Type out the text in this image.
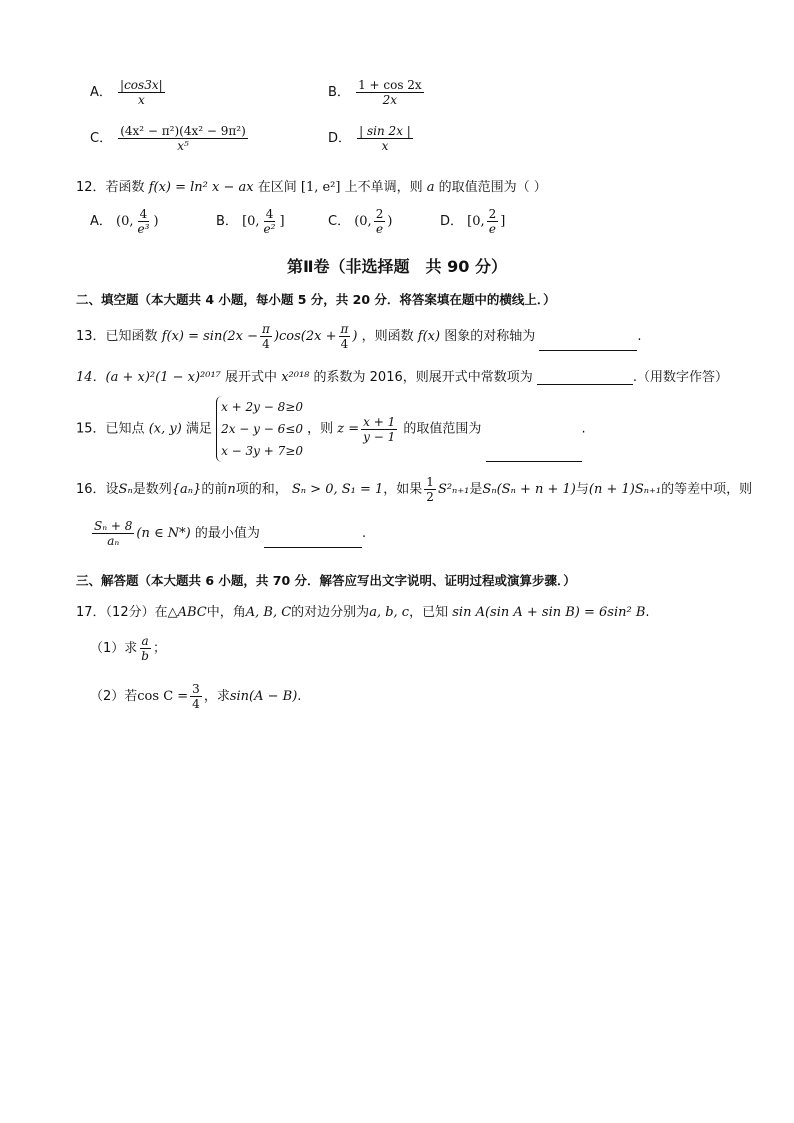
A． $\frac{|\cos 3x|}{x}$	B． $\frac{1 + \cos 2x}{2x}$
C． $\frac{\text{(4x² − π²)(4x² − 9π²)}}{\text{x⁵}}$	D． $\frac{| \sin 2x |}{x}$
12．若函数 f(x) = ln² x − ax 在区间 [1, e²] 上不单调，则 a 的取值范围为（ ）
A． (0, $\frac{4}{\text{e³}}$ )	B． [0, $\frac{4}{\text{e²}}$ ]	C． (0, $\frac{2}{e}$ )	D． [0, $\frac{2}{e}$ ]
第Ⅱ卷（非选择题　共 90 分）
二、填空题（本大题共 4 小题，每小题 5 分，共 20 分．将答案填在题中的横线上．）
13．已知函数 $f(x) = \sin(2x - \frac{\pi}{4} )\cos(2x + \frac{\pi}{4}$ ) ，则函数 f(x) 图象的对称轴为	.
14．(a + x)²(1 − x)²⁰¹⁷ 展开式中 x²⁰¹⁸ 的系数为 2016，则展开式中常数项为	.（用数字作答）
15．已知点 (x, y) 满足
x + 2y − 8≥0
2x − y − 6≤0
x − 3y + 7≥0
，则 $z = \frac{x + 1}{y - 1}$ 的取值范围为	.
16．设Sₙ是数列{aₙ}的前n项的和， Sₙ > 0, S₁ = 1，如果 $\frac{1}{2} S^2_{n+1}$是Sₙ(Sₙ + n + 1)与(n + 1)Sₙ₊₁的等差中项，则
$\frac{\text{Sₙ + 8}}{\text{aₙ}} (n$ ∈ N*) 的最小值为	.
三、解答题（本大题共 6 小题，共 70 分．解答应写出文字说明、证明过程或演算步骤．）
17．（12分）在△ABC中，角A, B, C的对边分别为a, b, c，已知 sin A(sin A + sin B) = 6sin² B.
（1）求 $\frac{a}{b}$ ；
（2）若$\cos C = \frac{3}{4}$ ，求sin(A − B).
